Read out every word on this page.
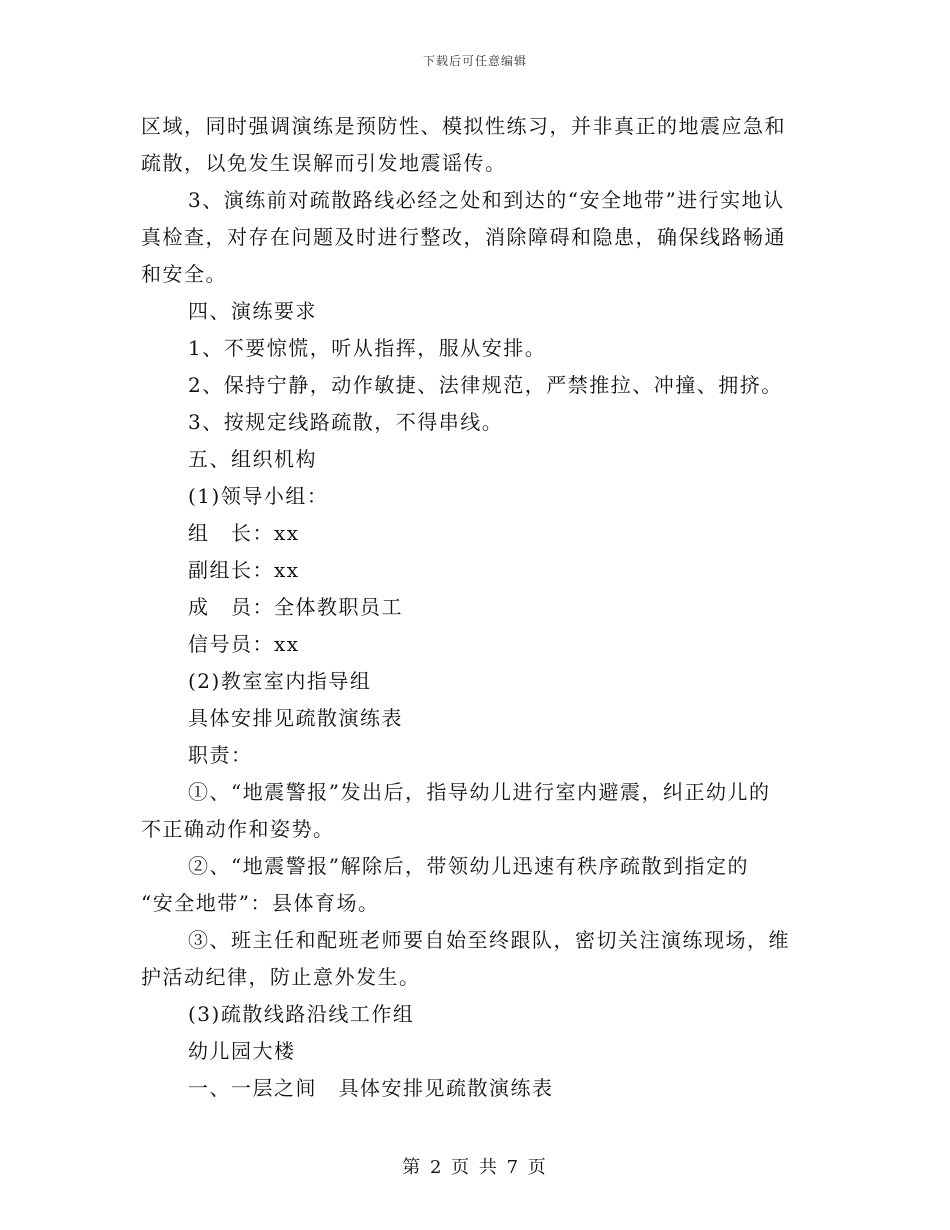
下载后可任意编辑
区域，同时强调演练是预防性、模拟性练习，并非真正的地震应急和
疏散，以免发生误解而引发地震谣传。
3、演练前对疏散路线必经之处和到达的“安全地带”进行实地认
真检查，对存在问题及时进行整改，消除障碍和隐患，确保线路畅通
和安全。
四、演练要求
1、不要惊慌，听从指挥，服从安排。
2、保持宁静，动作敏捷、法律规范，严禁推拉、冲撞、拥挤。
3、按规定线路疏散，不得串线。
五、组织机构
(1)领导小组：
组　长：xx
副组长：xx
成　员：全体教职员工
信号员：xx
(2)教室室内指导组
具体安排见疏散演练表
职责：
①、“地震警报”发出后，指导幼儿进行室内避震，纠正幼儿的
不正确动作和姿势。
②、“地震警报”解除后，带领幼儿迅速有秩序疏散到指定的
“安全地带”：县体育场。
③、班主任和配班老师要自始至终跟队，密切关注演练现场，维
护活动纪律，防止意外发生。
(3)疏散线路沿线工作组
幼儿园大楼
一、一层之间　具体安排见疏散演练表
第 2 页 共 7 页
